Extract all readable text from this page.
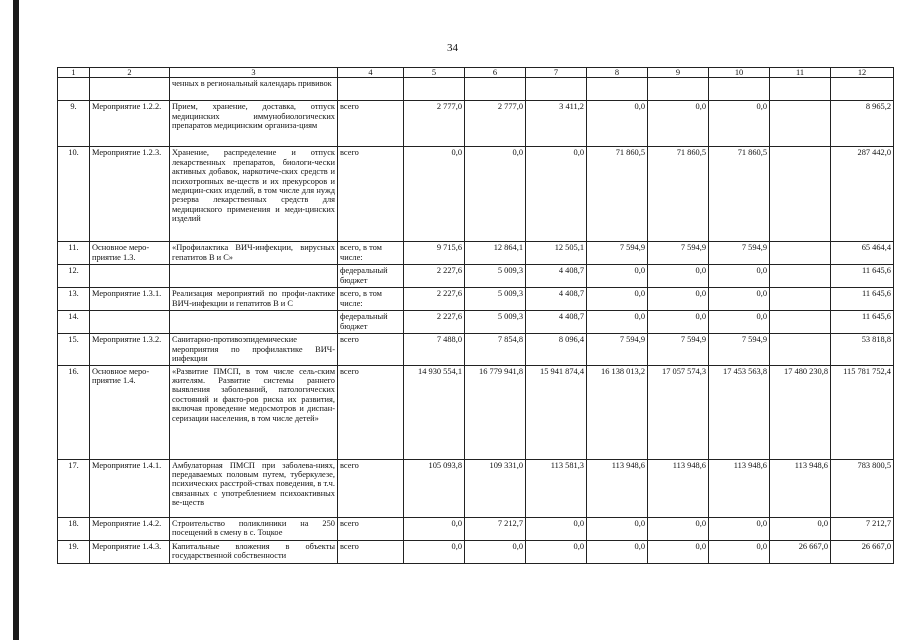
34
1	2	3	4	5	6	7	8	9	10	11	12
		ченных в региональный календарь прививок									
9.	Мероприятие 1.2.2.	Прием, хранение, доставка, отпуск медицинских иммунобиологических препаратов медицинским организа-циям	всего	2 777,0	2 777,0	3 411,2	0,0	0,0	0,0		8 965,2
10.	Мероприятие 1.2.3.	Хранение, распределение и отпуск лекарственных препаратов, биологи-чески активных добавок, наркотиче-ских средств и психотропных ве-ществ и их прекурсоров и медицин-ских изделий, в том числе для нужд резерва лекарственных средств для медицинского применения и меди-цинских изделий	всего	0,0	0,0	0,0	71 860,5	71 860,5	71 860,5		287 442,0
11.	Основное меро-приятие 1.3.	«Профилактика ВИЧ-инфекции, вирусных гепатитов В и С»	всего, в том числе:	9 715,6	12 864,1	12 505,1	7 594,9	7 594,9	7 594,9		65 464,4
12.			федеральный бюджет	2 227,6	5 009,3	4 408,7	0,0	0,0	0,0		11 645,6
13.	Мероприятие 1.3.1.	Реализация мероприятий по профи-лактике ВИЧ-инфекции и гепатитов В и С	всего, в том числе:	2 227,6	5 009,3	4 408,7	0,0	0,0	0,0		11 645,6
14.			федеральный бюджет	2 227,6	5 009,3	4 408,7	0,0	0,0	0,0		11 645,6
15.	Мероприятие 1.3.2.	Санитарно-противоэпидемические мероприятия по профилактике ВИЧ-инфекции	всего	7 488,0	7 854,8	8 096,4	7 594,9	7 594,9	7 594,9		53 818,8
16.	Основное меро-приятие 1.4.	«Развитие ПМСП, в том числе сель-ским жителям. Развитие системы раннего выявления заболеваний, патологических состояний и факто-ров риска их развития, включая проведение медосмотров и диспан-серизации населения, в том числе детей»	всего	14 930 554,1	16 779 941,8	15 941 874,4	16 138 013,2	17 057 574,3	17 453 563,8	17 480 230,8	115 781 752,4
17.	Мероприятие 1.4.1.	Амбулаторная ПМСП при заболева-ниях, передаваемых половым путем, туберкулезе, психических расстрой-ствах поведения, в т.ч. связанных с употреблением психоактивных ве-ществ	всего	105 093,8	109 331,0	113 581,3	113 948,6	113 948,6	113 948,6	113 948,6	783 800,5
18.	Мероприятие 1.4.2.	Строительство поликлиники на 250 посещений в смену в с. Тоцкое	всего	0,0	7 212,7	0,0	0,0	0,0	0,0	0,0	7 212,7
19.	Мероприятие 1.4.3.	Капитальные вложения в объекты государственной собственности	всего	0,0	0,0	0,0	0,0	0,0	0,0	26 667,0	26 667,0
